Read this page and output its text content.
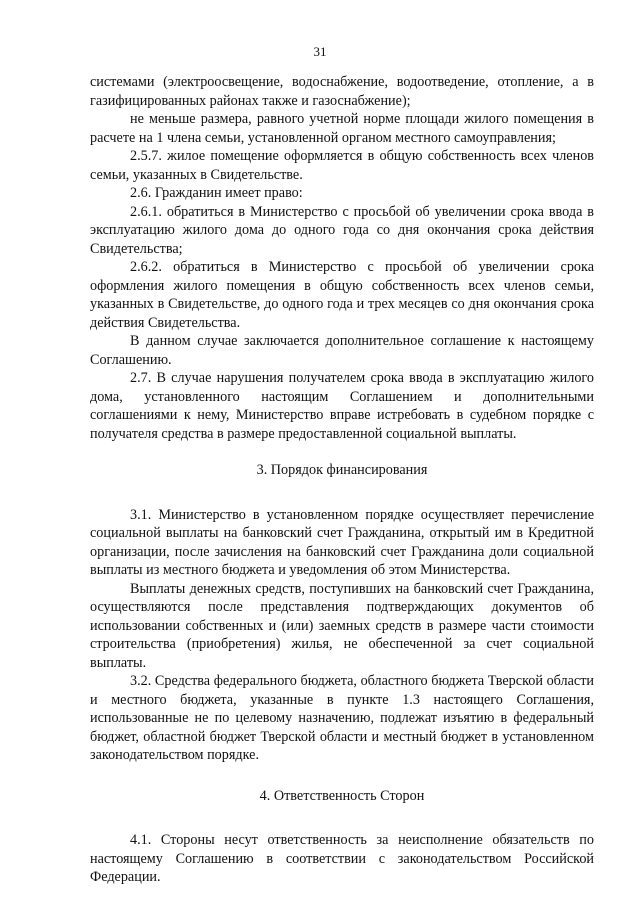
31

системами (электроосвещение, водоснабжение, водоотведение, отопление, а в газифицированных районах также и газоснабжение);

не меньше размера, равного учетной норме площади жилого помещения в расчете на 1 члена семьи, установленной органом местного самоуправления;

2.5.7. жилое помещение оформляется в общую собственность всех членов семьи, указанных в Свидетельстве.

2.6. Гражданин имеет право:

2.6.1. обратиться в Министерство с просьбой об увеличении срока ввода в эксплуатацию жилого дома до одного года со дня окончания срока действия Свидетельства;

2.6.2. обратиться в Министерство с просьбой об увеличении срока оформления жилого помещения в общую собственность всех членов семьи, указанных в Свидетельстве, до одного года и трех месяцев со дня окончания срока действия Свидетельства.

В данном случае заключается дополнительное соглашение к настоящему Соглашению.

2.7. В случае нарушения получателем срока ввода в эксплуатацию жилого дома, установленного настоящим Соглашением и дополнительными соглашениями к нему, Министерство вправе истребовать в судебном порядке с получателя средства в размере предоставленной социальной выплаты.

3. Порядок финансирования

3.1. Министерство в установленном порядке осуществляет перечисление социальной выплаты на банковский счет Гражданина, открытый им в Кредитной организации, после зачисления на банковский счет Гражданина доли социальной выплаты из местного бюджета и уведомления об этом Министерства.

Выплаты денежных средств, поступивших на банковский счет Гражданина, осуществляются после представления подтверждающих документов об использовании собственных и (или) заемных средств в размере части стоимости строительства (приобретения) жилья, не обеспеченной за счет социальной выплаты.

3.2. Средства федерального бюджета, областного бюджета Тверской области и местного бюджета, указанные в пункте 1.3 настоящего Соглашения, использованные не по целевому назначению, подлежат изъятию в федеральный бюджет, областной бюджет Тверской области и местный бюджет в установленном законодательством порядке.

4. Ответственность Сторон

4.1. Стороны несут ответственность за неисполнение обязательств по настоящему Соглашению в соответствии с законодательством Российской Федерации.
